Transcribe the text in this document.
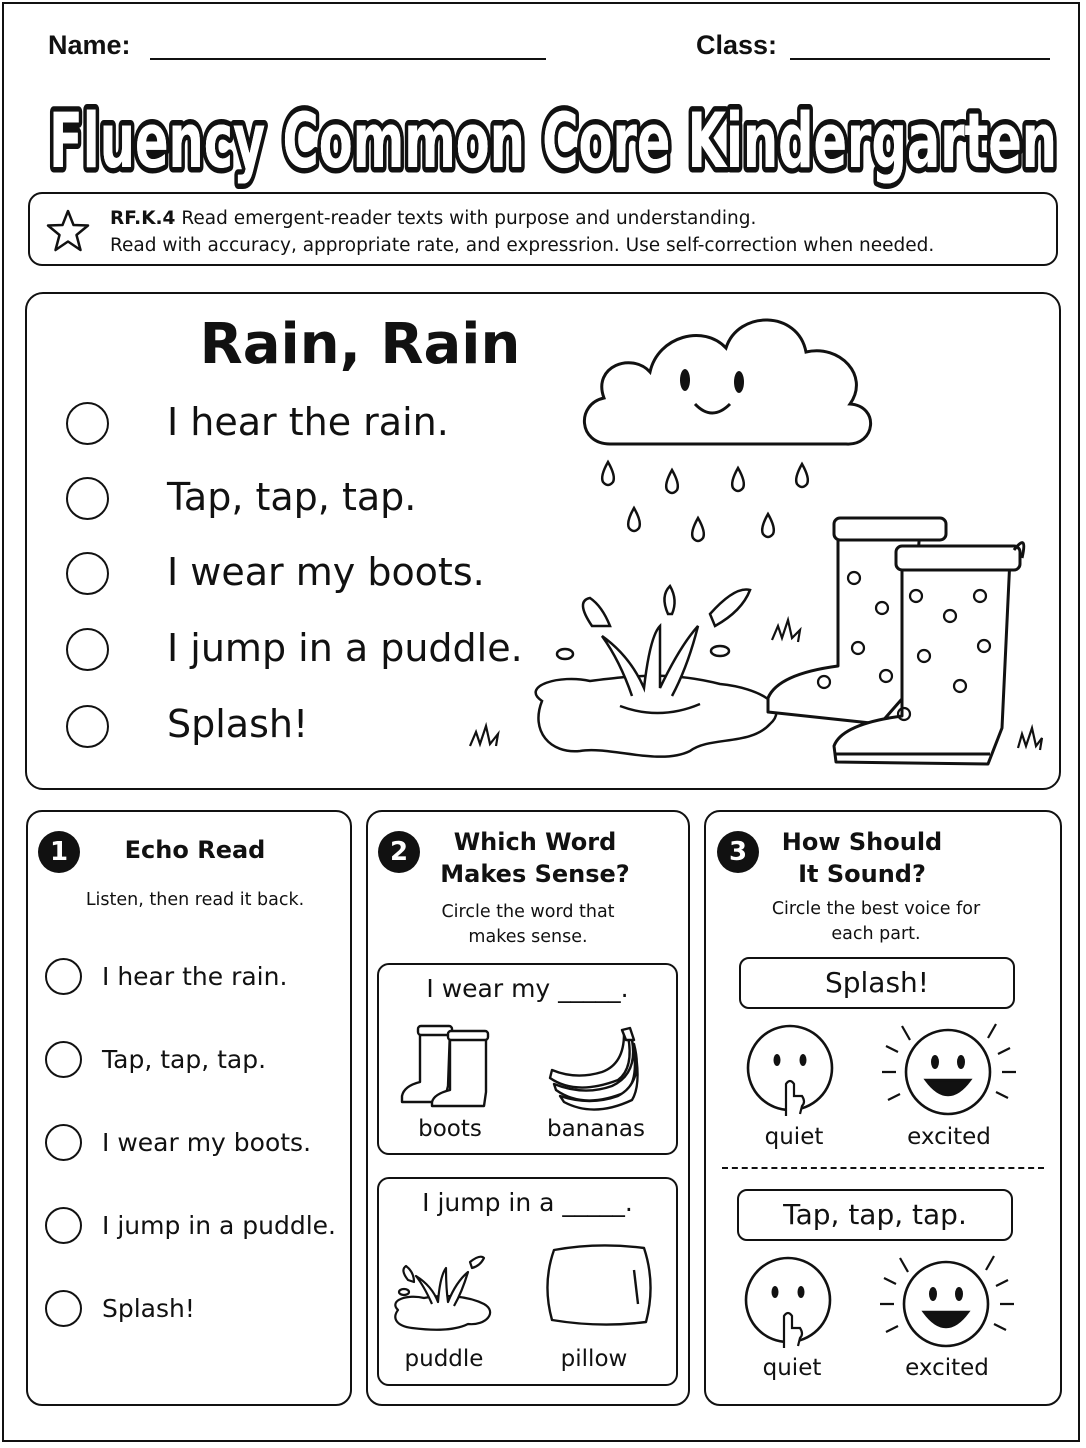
Name:	Class:
Fluency Common Core Kindergarten
Fluency Common Core Kindergarten
RF.K.4 Read emergent-reader texts with purpose and understanding.
Read with accuracy, appropriate rate, and expressrion. Use self-correction when needed.
Rain, Rain
I hear the rain.
Tap, tap, tap.
I wear my boots.
I jump in a puddle.
Splash!
1	Echo Read
Listen, then read it back.
I hear the rain.
Tap, tap, tap.
I wear my boots.
I jump in a puddle.
Splash!
2	Which Word
Makes Sense?
Circle the word that
makes sense.
I wear my _____.
boots	bananas
I jump in a _____.
puddle	pillow
3	How Should
It Sound?
Circle the best voice for
each part.
Splash!
quiet	excited
Tap, tap, tap.
quiet	excited
